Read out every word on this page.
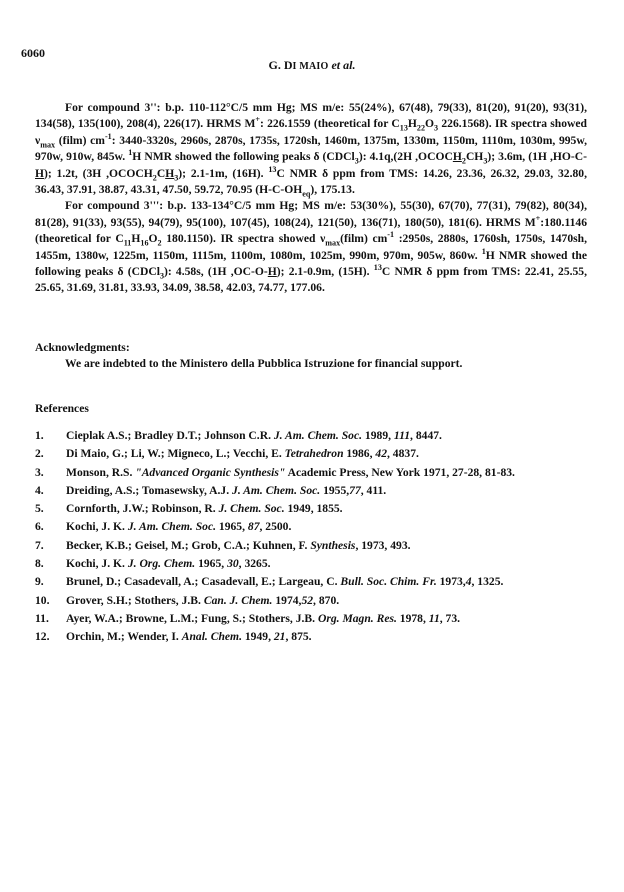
6060

G. DI MAIO et al.

For compound 3'': b.p. 110-112°C/5 mm Hg; MS m/e: 55(24%), 67(48), 79(33), 81(20), 91(20), 93(31), 134(58), 135(100), 208(4), 226(17). HRMS M+: 226.1559 (theoretical for $C_{13}H_{22}O_3$ 226.1568). IR spectra showed $\nu_{max}$ (film) $cm^{-1}$: 3440-3320s, 2960s, 2870s, 1735s, 1720sh, 1460m, 1375m, 1330m, 1150m, 1110m, 1030m, 995w, 970w, 910w, 845w. $^1$H NMR showed the following peaks δ (CDCl$_3$): 4.1q,(2H $,OCOCH_2CH_3$); 3.6m, (1H ,HO-C-H); 1.2t, (3H $,OCOCH_2CH_3$); 2.1-1m, (16H). $^{13}$C NMR δ ppm from TMS: 14.26, 23.36, 26.32, 29.03, 32.80, 36.43, 37.91, 38.87, 43.31, 47.50, 59.72, 70.95 $(H-C-OH_{eq})$, 175.13.

For compound 3''': b.p. 133-134°C/5 mm Hg; MS m/e: 53(30%), 55(30), 67(70), 77(31), 79(82), 80(34), 81(28), 91(33), 93(55), 94(79), 95(100), 107(45), 108(24), 121(50), 136(71), 180(50), 181(6). HRMS M+:180.1146 (theoretical for $C_{11}H_{16}O_2$ 180.1150). IR spectra showed $\nu_{max}(film)$ $cm^{-1}$ :2950s, 2880s, 1760sh, 1750s, 1470sh, 1455m, 1380w, 1225m, 1150m, 1115m, 1100m, 1080m, 1025m, 990m, 970m, 905w, 860w. $^1$H NMR showed the following peaks δ (CDCl$_3$): 4.58s, (1H ,OC-O-H); 2.1-0.9m, (15H). $^{13}$C NMR δ ppm from TMS: 22.41, 25.55, 25.65, 31.69, 31.81, 33.93, 34.09, 38.58, 42.03, 74.77, 177.06.

Acknowledgments:

We are indebted to the Ministero della Pubblica Istruzione for financial support.

References

1.	Cieplak A.S.; Bradley D.T.; Johnson C.R. J. Am. Chem. Soc. 1989, 111, 8447.
2.	Di Maio, G.; Li, W.; Migneco, L.; Vecchi, E. Tetrahedron 1986, 42, 4837.
3.	Monson, R.S. "Advanced Organic Synthesis" Academic Press, New York 1971, 27-28, 81-83.
4.	Dreiding, A.S.; Tomasewsky, A.J. J. Am. Chem. Soc. 1955,77, 411.
5.	Cornforth, J.W.; Robinson, R. J. Chem. Soc. 1949, 1855.
6.	Kochi, J. K. J. Am. Chem. Soc. 1965, 87, 2500.
7.	Becker, K.B.; Geisel, M.; Grob, C.A.; Kuhnen, F. Synthesis, 1973, 493.
8.	Kochi, J. K. J. Org. Chem. 1965, 30, 3265.
9.	Brunel, D.; Casadevall, A.; Casadevall, E.; Largeau, C. Bull. Soc. Chim. Fr. 1973,4, 1325.
10.	Grover, S.H.; Stothers, J.B. Can. J. Chem. 1974,52, 870.
11.	Ayer, W.A.; Browne, L.M.; Fung, S.; Stothers, J.B. Org. Magn. Res. 1978, 11, 73.
12.	Orchin, M.; Wender, I. Anal. Chem. 1949, 21, 875.
